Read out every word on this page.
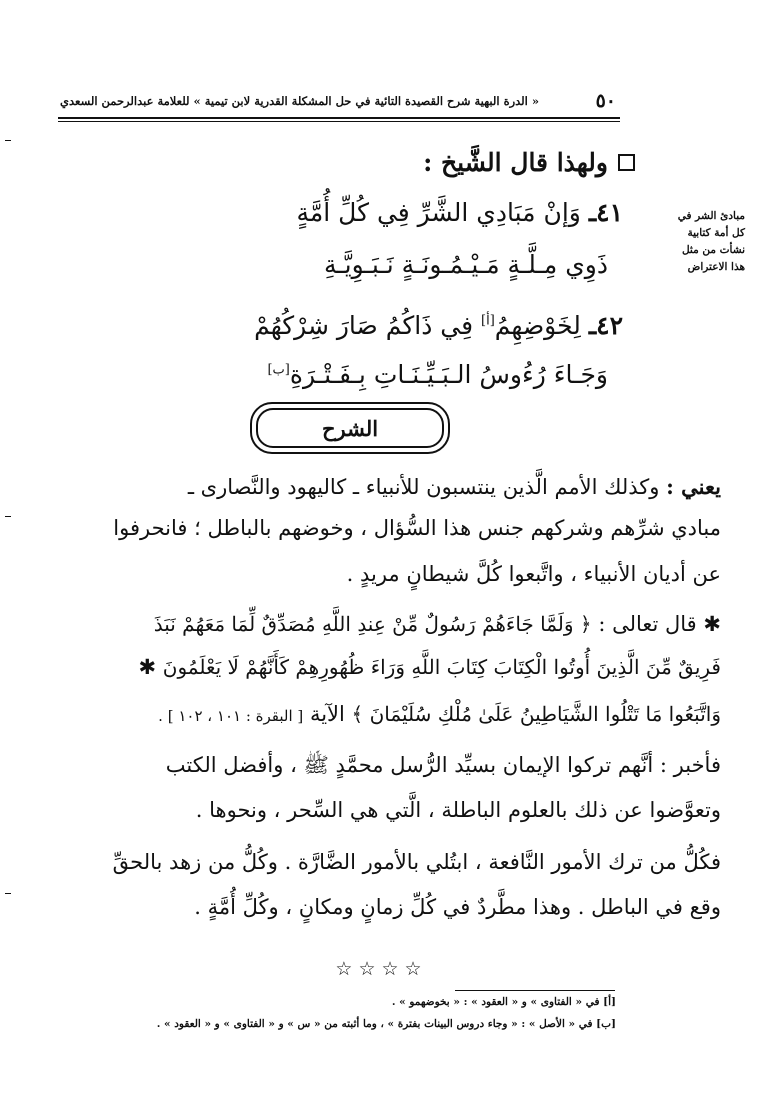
٥٠
« الدرة البهية شرح القصيدة التائية في حل المشكلة القدرية لابن تيمية » للعلامة عبدالرحمن السعدي
ولهذا قال الشَّيخ :
مبادئ الشر في
كل أمة كتابية
نشأت من مثل
هذا الاعتراض
٤١ـ وَإنْ مَبَادِي الشَّرِّ فِي كُلِّ أُمَّةٍ
ذَوِي مِـلَّـةٍ مَـيْـمُـونَـةٍ نَـبَـوِيَّـةِ
٤٢ـ لِخَوْضِهِمُ[أ] فِي ذَاكُمُ صَارَ شِرْكُهُمْ
وَجَـاءَ رُءُوسُ الـبَـيِّـنَـاتِ بِـفَـتْـرَةِ[ب]
الشرح
يعني : وكذلك الأمم الَّذين ينتسبون للأنبياء ـ كاليهود والنَّصارى ـ
مبادي شرِّهم وشركهم جنس هذا السُّؤال ، وخوضهم بالباطل ؛ فانحرفوا
عن أديان الأنبياء ، واتَّبعوا كُلَّ شيطانٍ مريدٍ .
✱ قال تعالى : ﴿ وَلَمَّا جَاءَهُمْ رَسُولٌ مِّنْ عِندِ اللَّهِ مُصَدِّقٌ لِّمَا مَعَهُمْ نَبَذَ
فَرِيقٌ مِّنَ الَّذِينَ أُوتُوا الْكِتَابَ كِتَابَ اللَّهِ وَرَاءَ ظُهُورِهِمْ كَأَنَّهُمْ لَا يَعْلَمُونَ ✱
وَاتَّبَعُوا مَا تَتْلُوا الشَّيَاطِينُ عَلَىٰ مُلْكِ سُلَيْمَانَ ﴾ الآية [ البقرة : ١٠١ ، ١٠٢ ] .
فأخبر : أنَّهم تركوا الإيمان بسيِّد الرُّسل محمَّدٍ ﷺ ، وأفضل الكتب
وتعوَّضوا عن ذلك بالعلوم الباطلة ، الَّتي هي السِّحر ، ونحوها .
فكُلُّ من ترك الأمور النَّافعة ، ابتُلي بالأمور الضَّارَّة . وكُلُّ من زهد بالحقِّ
وقع في الباطل . وهذا مطَّردٌ في كُلِّ زمانٍ ومكانٍ ، وكُلِّ أُمَّةٍ .
☆☆☆☆
[أ] في « الفتاوى » و « العقود » : « بخوضهمو » .
[ب] في « الأصل » : « وجاء دروس البينات بفترة » ، وما أثبته من « س » و « الفتاوى » و « العقود » .
